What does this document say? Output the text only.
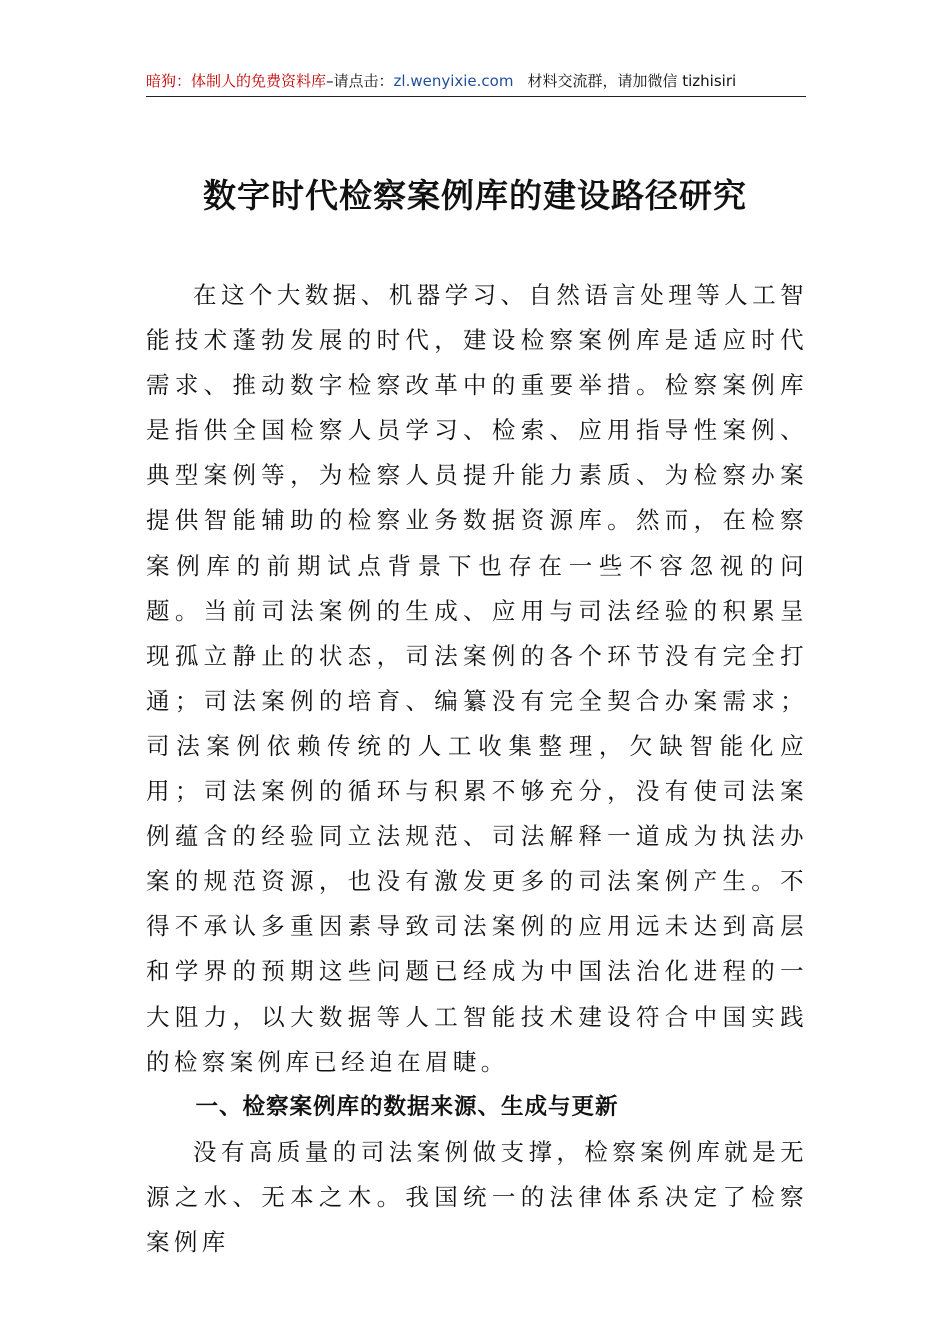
暗狗：体制人的免费资料库–请点击：zl.wenyixie.com 材料交流群，请加微信 tizhisiri
数字时代检察案例库的建设路径研究

在这个大数据、机器学习、自然语言处理等人工智能技术蓬勃发展的时代，建设检察案例库是适应时代需求、推动数字检察改革中的重要举措。检察案例库是指供全国检察人员学习、检索、应用指导性案例、典型案例等，为检察人员提升能力素质、为检察办案提供智能辅助的检察业务数据资源库。然而，在检察案例库的前期试点背景下也存在一些不容忽视的问题。当前司法案例的生成、应用与司法经验的积累呈现孤立静止的状态，司法案例的各个环节没有完全打通；司法案例的培育、编纂没有完全契合办案需求；司法案例依赖传统的人工收集整理，欠缺智能化应用；司法案例的循环与积累不够充分，没有使司法案例蕴含的经验同立法规范、司法解释一道成为执法办案的规范资源，也没有激发更多的司法案例产生。不得不承认多重因素导致司法案例的应用远未达到高层和学界的预期这些问题已经成为中国法治化进程的一大阻力，以大数据等人工智能技术建设符合中国实践的检察案例库已经迫在眉睫。

一、检察案例库的数据来源、生成与更新

没有高质量的司法案例做支撑，检察案例库就是无源之水、无本之木。我国统一的法律体系决定了检察案例库
